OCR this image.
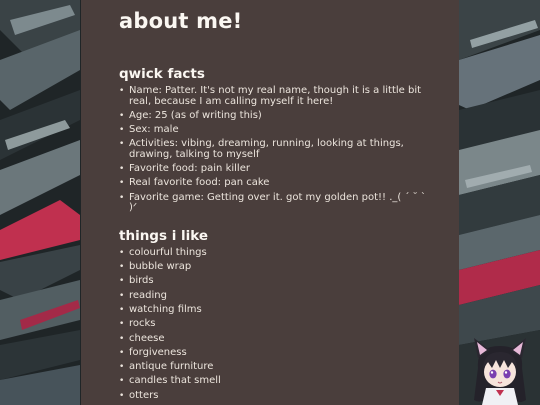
about me!
qwick facts
• Name: Patter. It's not my real name, though it is a little bit real, because I am calling myself it here!
• Age: 25 (as of writing this)
• Sex: male
• Activities: vibing, dreaming, running, looking at things, drawing, talking to myself
• Favorite food: pain killer
• Real favorite food: pan cake
• Favorite game: Getting over it. got my golden pot!! ._( ´ ˘ ` )ᐟ
things i like
• colourful things
• bubble wrap
• birds
• reading
• watching films
• rocks
• cheese
• forgiveness
• antique furniture
• candles that smell
• otters
